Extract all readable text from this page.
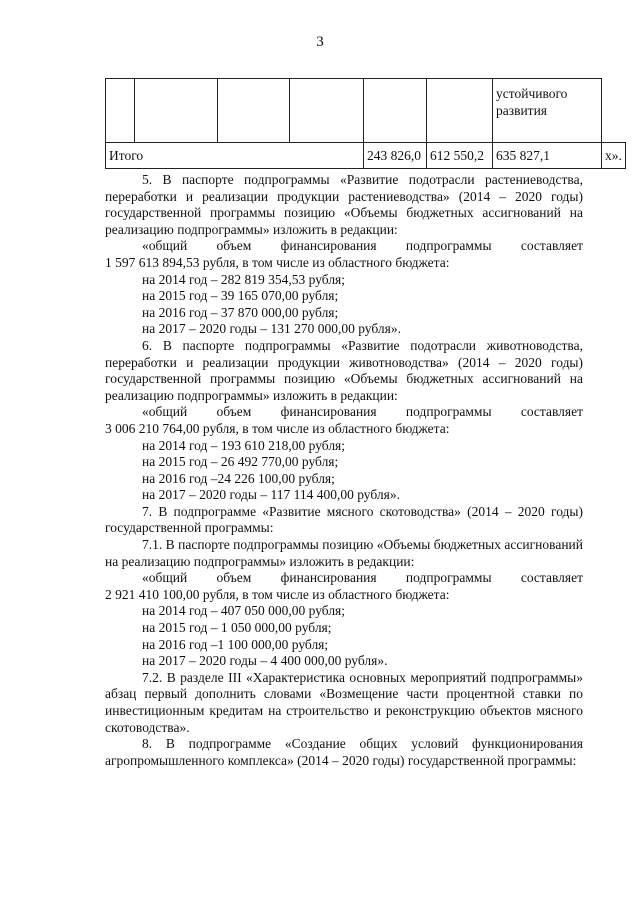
3
						устойчивого развития	
Итого				243 826,0	612 550,2	635 827,1	х».

5. В паспорте подпрограммы «Развитие подотрасли растениеводства, переработки и реализации продукции растениеводства» (2014 – 2020 годы) государственной программы позицию «Объемы бюджетных ассигнований на реализацию подпрограммы» изложить в редакции:

«общий объем финансирования подпрограммы составляет

1 597 613 894,53 рубля, в том числе из областного бюджета:

на 2014 год – 282 819 354,53 рубля;

на 2015 год – 39 165 070,00 рубля;

на 2016 год – 37 870 000,00 рубля;

на 2017 – 2020 годы – 131 270 000,00 рубля».

6. В паспорте подпрограммы «Развитие подотрасли животноводства, переработки и реализации продукции животноводства» (2014 – 2020 годы) государственной программы позицию «Объемы бюджетных ассигнований на реализацию подпрограммы» изложить в редакции:

«общий объем финансирования подпрограммы составляет

3 006 210 764,00 рубля, в том числе из областного бюджета:

на 2014 год – 193 610 218,00 рубля;

на 2015 год – 26 492 770,00 рубля;

на 2016 год –24 226 100,00 рубля;

на 2017 – 2020 годы – 117 114 400,00 рубля».

7. В подпрограмме «Развитие мясного скотоводства» (2014 – 2020 годы) государственной программы:

7.1. В паспорте подпрограммы позицию «Объемы бюджетных ассигнований на реализацию подпрограммы» изложить в редакции:

«общий объем финансирования подпрограммы составляет

2 921 410 100,00 рубля, в том числе из областного бюджета:

на 2014 год – 407 050 000,00 рубля;

на 2015 год – 1 050 000,00 рубля;

на 2016 год –1 100 000,00 рубля;

на 2017 – 2020 годы – 4 400 000,00 рубля».

7.2. В разделе III «Характеристика основных мероприятий подпрограммы» абзац первый дополнить словами «Возмещение части процентной ставки по инвестиционным кредитам на строительство и реконструкцию объектов мясного скотоводства».

8. В подпрограмме «Создание общих условий функционирования агропромышленного комплекса» (2014 – 2020 годы) государственной программы:
